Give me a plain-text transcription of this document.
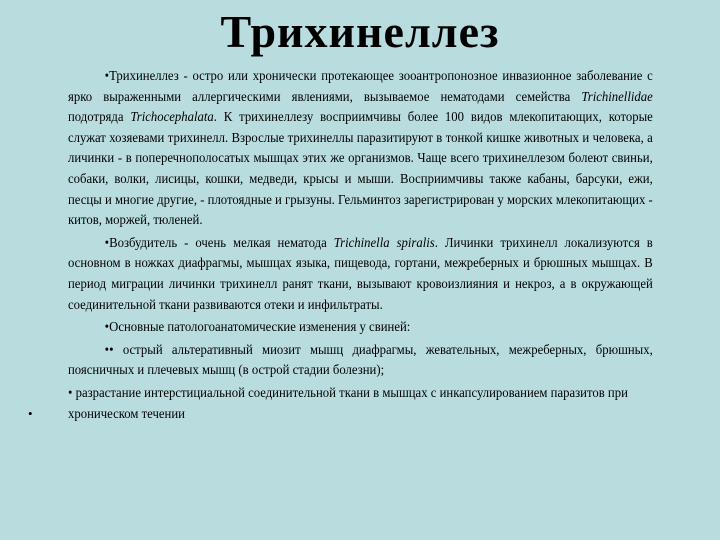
Трихинеллез
•

•Трихинеллез - остро или хронически протекающее зооантропонозное инвазионное заболевание с ярко выраженными аллергическими явлениями, вызываемое нематодами семейства Trichinellidae подотряда Trichocephalata. К трихинеллезу восприимчивы более 100 видов млекопитающих, которые служат хозяевами трихинелл. Взрослые трихинеллы паразитируют в тонкой кишке животных и человека, а личинки - в поперечнополосатых мышцах этих же организмов. Чаще всего трихинеллезом болеют свиньи, собаки, волки, лисицы, кошки, медведи, крысы и мыши. Восприимчивы также кабаны, барсуки, ежи, песцы и многие другие, - плотоядные и грызуны. Гельминтоз зарегистрирован у морских млекопитающих - китов, моржей, тюленей.

•Возбудитель - очень мелкая нематода Trichinella spiralis. Личинки трихинелл локализуются в основном в ножках диафрагмы, мышцах языка, пищевода, гортани, межреберных и брюшных мышцах. В период миграции личинки трихинелл ранят ткани, вызывают кровоизлияния и некроз, а в окружающей соединительной ткани развиваются отеки и инфильтраты.

•Основные патологоанатомические изменения у свиней:

•• острый альтеративный миозит мышц диафрагмы, жевательных, межреберных, брюшных, поясничных и плечевых мышц (в острой стадии болезни);

• разрастание интерстициальной соединительной ткани в мышцах с инкапсулированием паразитов при хроническом течении
